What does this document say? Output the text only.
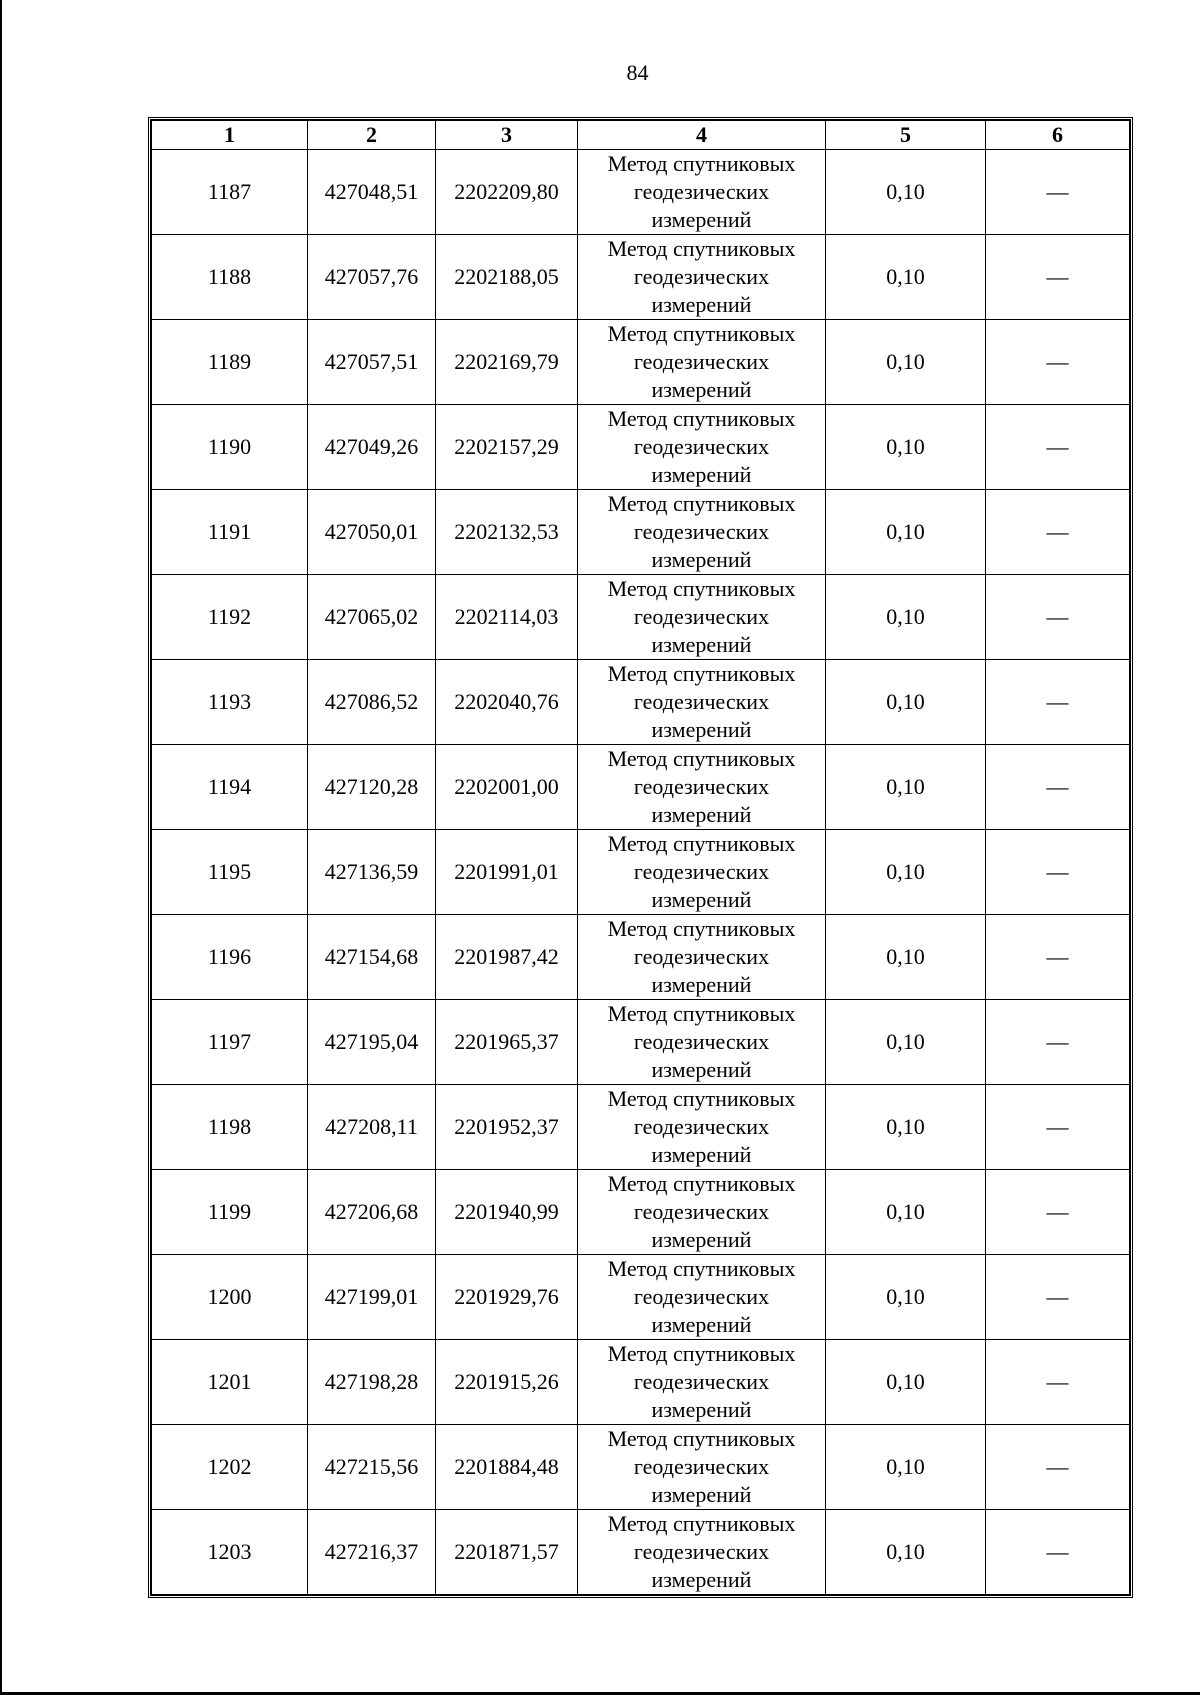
84
1	2	3	4	5	6
1187	427048,51	2202209,80	Метод спутниковых
геодезических
измерений	0,10	—
1188	427057,76	2202188,05	Метод спутниковых
геодезических
измерений	0,10	—
1189	427057,51	2202169,79	Метод спутниковых
геодезических
измерений	0,10	—
1190	427049,26	2202157,29	Метод спутниковых
геодезических
измерений	0,10	—
1191	427050,01	2202132,53	Метод спутниковых
геодезических
измерений	0,10	—
1192	427065,02	2202114,03	Метод спутниковых
геодезических
измерений	0,10	—
1193	427086,52	2202040,76	Метод спутниковых
геодезических
измерений	0,10	—
1194	427120,28	2202001,00	Метод спутниковых
геодезических
измерений	0,10	—
1195	427136,59	2201991,01	Метод спутниковых
геодезических
измерений	0,10	—
1196	427154,68	2201987,42	Метод спутниковых
геодезических
измерений	0,10	—
1197	427195,04	2201965,37	Метод спутниковых
геодезических
измерений	0,10	—
1198	427208,11	2201952,37	Метод спутниковых
геодезических
измерений	0,10	—
1199	427206,68	2201940,99	Метод спутниковых
геодезических
измерений	0,10	—
1200	427199,01	2201929,76	Метод спутниковых
геодезических
измерений	0,10	—
1201	427198,28	2201915,26	Метод спутниковых
геодезических
измерений	0,10	—
1202	427215,56	2201884,48	Метод спутниковых
геодезических
измерений	0,10	—
1203	427216,37	2201871,57	Метод спутниковых
геодезических
измерений	0,10	—
